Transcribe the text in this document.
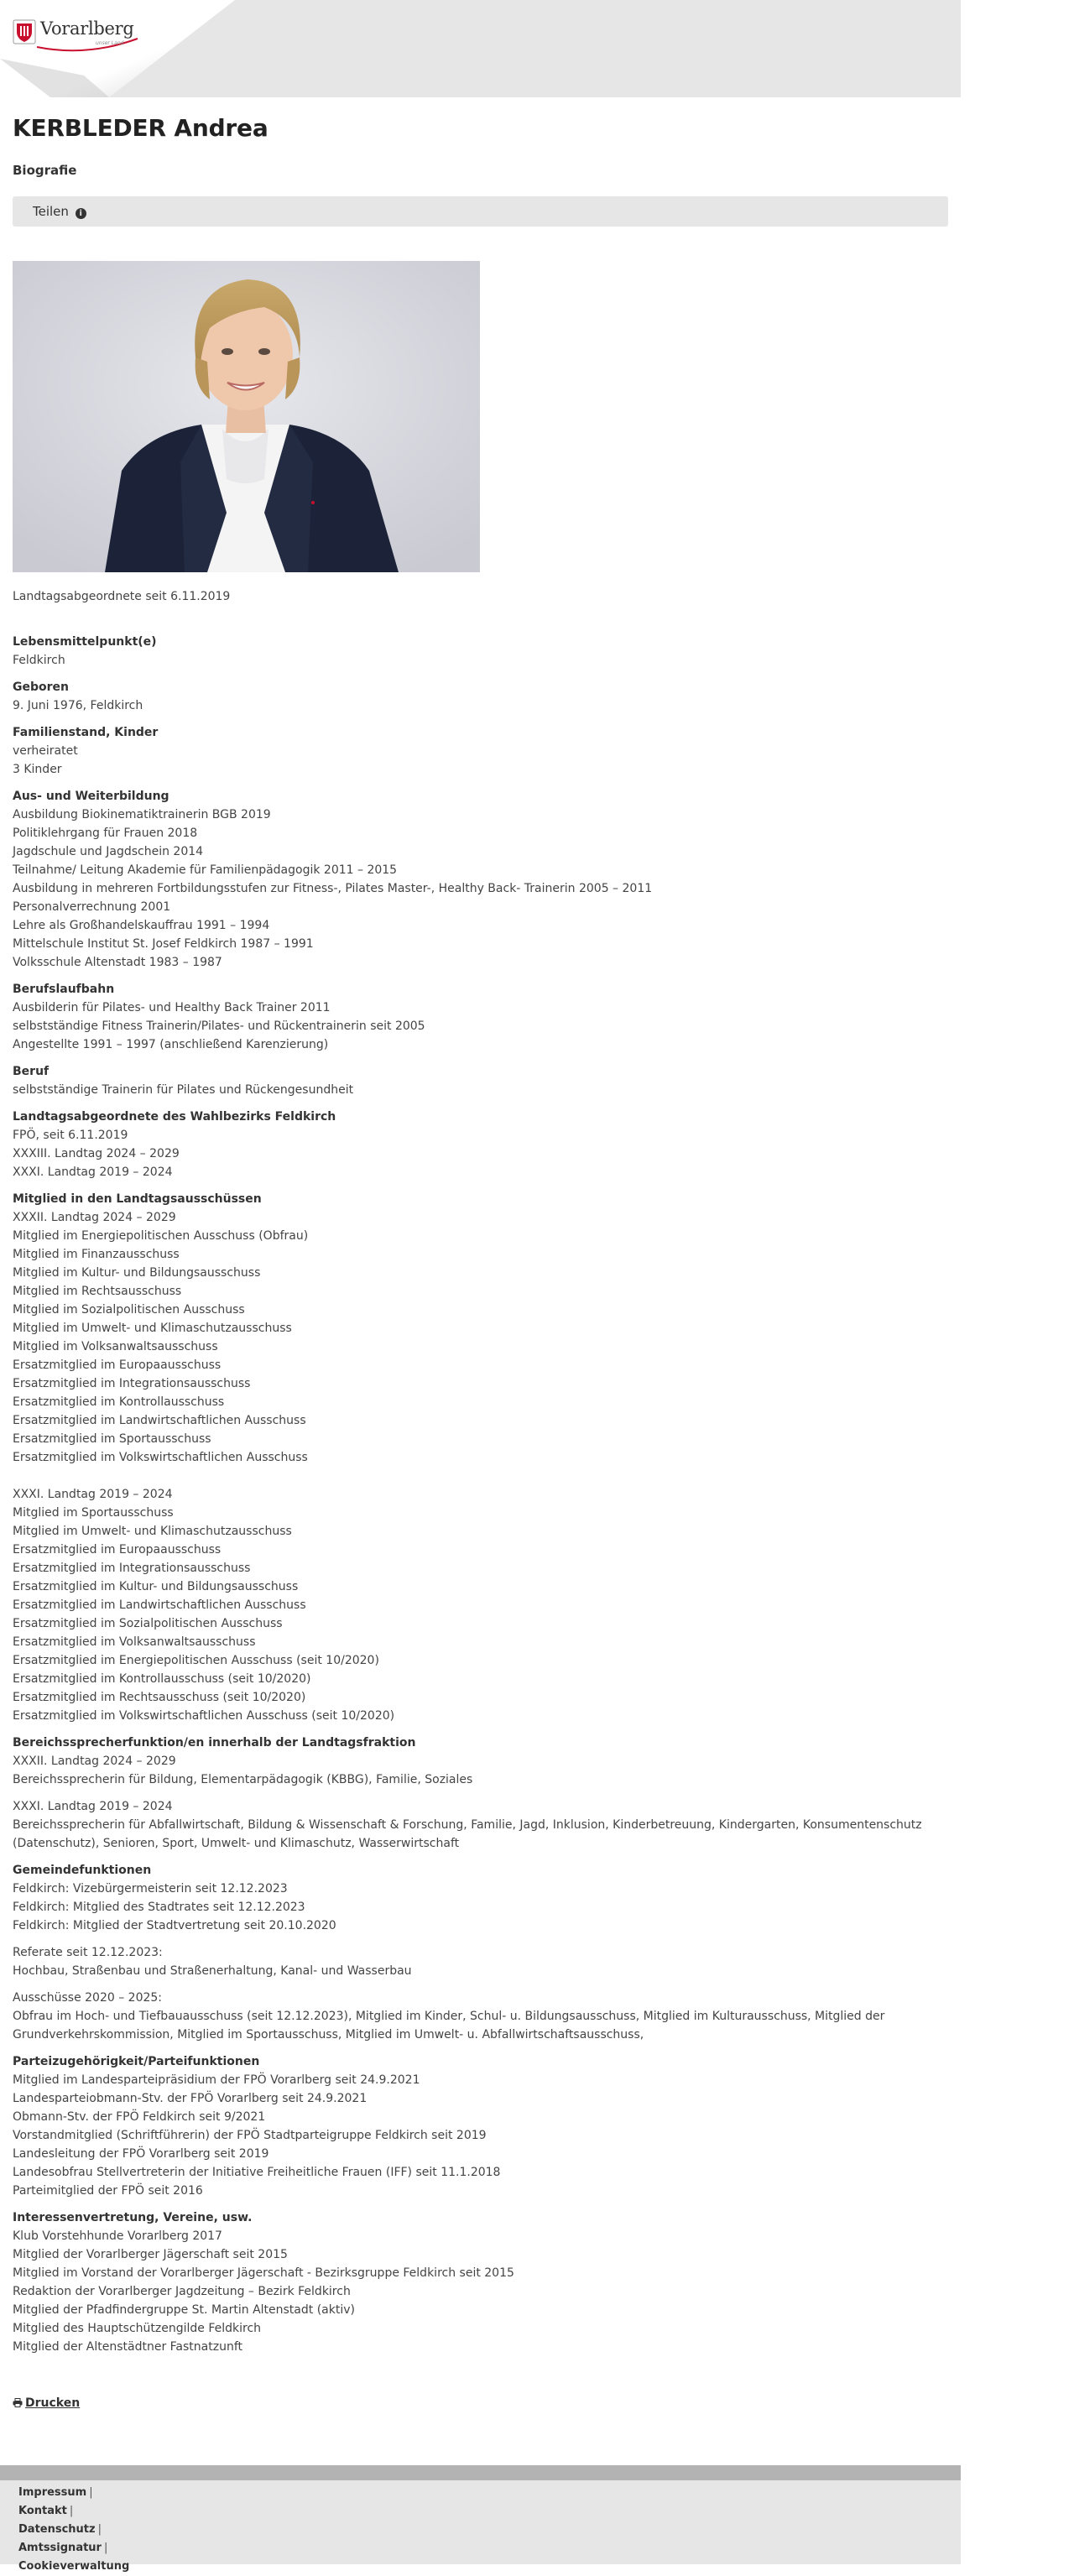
Vorarlberg
unser Land
KERBLEDER Andrea
Biografie
Teilen i
Landtagsabgeordnete seit 6.11.2019
Lebensmittelpunkt(e)
Feldkirch
Geboren
9. Juni 1976, Feldkirch
Familienstand, Kinder
verheiratet
3 Kinder
Aus- und Weiterbildung
Ausbildung Biokinematiktrainerin BGB 2019
Politiklehrgang für Frauen 2018
Jagdschule und Jagdschein 2014
Teilnahme/ Leitung Akademie für Familienpädagogik 2011 – 2015
Ausbildung in mehreren Fortbildungsstufen zur Fitness-, Pilates Master-, Healthy Back- Trainerin 2005 – 2011
Personalverrechnung 2001
Lehre als Großhandelskauffrau 1991 – 1994
Mittelschule Institut St. Josef Feldkirch 1987 – 1991
Volksschule Altenstadt 1983 – 1987
Berufslaufbahn
Ausbilderin für Pilates- und Healthy Back Trainer 2011
selbstständige Fitness Trainerin/Pilates- und Rückentrainerin seit 2005
Angestellte 1991 – 1997 (anschließend Karenzierung)
Beruf
selbstständige Trainerin für Pilates und Rückengesundheit
Landtagsabgeordnete des Wahlbezirks Feldkirch
FPÖ, seit 6.11.2019
XXXIII. Landtag 2024 – 2029
XXXI. Landtag 2019 – 2024
Mitglied in den Landtagsausschüssen
XXXII. Landtag 2024 – 2029
Mitglied im Energiepolitischen Ausschuss (Obfrau)
Mitglied im Finanzausschuss
Mitglied im Kultur- und Bildungsausschuss
Mitglied im Rechtsausschuss
Mitglied im Sozialpolitischen Ausschuss
Mitglied im Umwelt- und Klimaschutzausschuss
Mitglied im Volksanwaltsausschuss
Ersatzmitglied im Europaausschuss
Ersatzmitglied im Integrationsausschuss
Ersatzmitglied im Kontrollausschuss
Ersatzmitglied im Landwirtschaftlichen Ausschuss
Ersatzmitglied im Sportausschuss
Ersatzmitglied im Volkswirtschaftlichen Ausschuss
XXXI. Landtag 2019 – 2024
Mitglied im Sportausschuss
Mitglied im Umwelt- und Klimaschutzausschuss
Ersatzmitglied im Europaausschuss
Ersatzmitglied im Integrationsausschuss
Ersatzmitglied im Kultur- und Bildungsausschuss
Ersatzmitglied im Landwirtschaftlichen Ausschuss
Ersatzmitglied im Sozialpolitischen Ausschuss
Ersatzmitglied im Volksanwaltsausschuss
Ersatzmitglied im Energiepolitischen Ausschuss (seit 10/2020)
Ersatzmitglied im Kontrollausschuss (seit 10/2020)
Ersatzmitglied im Rechtsausschuss (seit 10/2020)
Ersatzmitglied im Volkswirtschaftlichen Ausschuss (seit 10/2020)
Bereichssprecherfunktion/en innerhalb der Landtagsfraktion
XXXII. Landtag 2024 – 2029
Bereichssprecherin für Bildung, Elementarpädagogik (KBBG), Familie, Soziales
XXXI. Landtag 2019 – 2024
Bereichssprecherin für Abfallwirtschaft, Bildung & Wissenschaft & Forschung, Familie, Jagd, Inklusion, Kinderbetreuung, Kindergarten, Konsumentenschutz (Datenschutz), Senioren, Sport, Umwelt- und Klimaschutz, Wasserwirtschaft
Gemeindefunktionen
Feldkirch: Vizebürgermeisterin seit 12.12.2023
Feldkirch: Mitglied des Stadtrates seit 12.12.2023
Feldkirch: Mitglied der Stadtvertretung seit 20.10.2020
Referate seit 12.12.2023:
Hochbau, Straßenbau und Straßenerhaltung, Kanal- und Wasserbau
Ausschüsse 2020 – 2025:
Obfrau im Hoch- und Tiefbauausschuss (seit 12.12.2023), Mitglied im Kinder, Schul- u. Bildungsausschuss, Mitglied im Kulturausschuss, Mitglied der Grundverkehrskommission, Mitglied im Sportausschuss, Mitglied im Umwelt- u. Abfallwirtschaftsausschuss,
Parteizugehörigkeit/Parteifunktionen
Mitglied im Landesparteipräsidium der FPÖ Vorarlberg seit 24.9.2021
Landesparteiobmann-Stv. der FPÖ Vorarlberg seit 24.9.2021
Obmann-Stv. der FPÖ Feldkirch seit 9/2021
Vorstandmitglied (Schriftführerin) der FPÖ Stadtparteigruppe Feldkirch seit 2019
Landesleitung der FPÖ Vorarlberg seit 2019
Landesobfrau Stellvertreterin der Initiative Freiheitliche Frauen (IFF) seit 11.1.2018
Parteimitglied der FPÖ seit 2016
Interessenvertretung, Vereine, usw.
Klub Vorstehhunde Vorarlberg 2017
Mitglied der Vorarlberger Jägerschaft seit 2015
Mitglied im Vorstand der Vorarlberger Jägerschaft - Bezirksgruppe Feldkirch seit 2015
Redaktion der Vorarlberger Jagdzeitung – Bezirk Feldkirch
Mitglied der Pfadfindergruppe St. Martin Altenstadt (aktiv)
Mitglied des Hauptschützengilde Feldkirch
Mitglied der Altenstädtner Fastnatzunft
Drucken
Impressum |
Kontakt |
Datenschutz |
Amtssignatur |
Cookieverwaltung
